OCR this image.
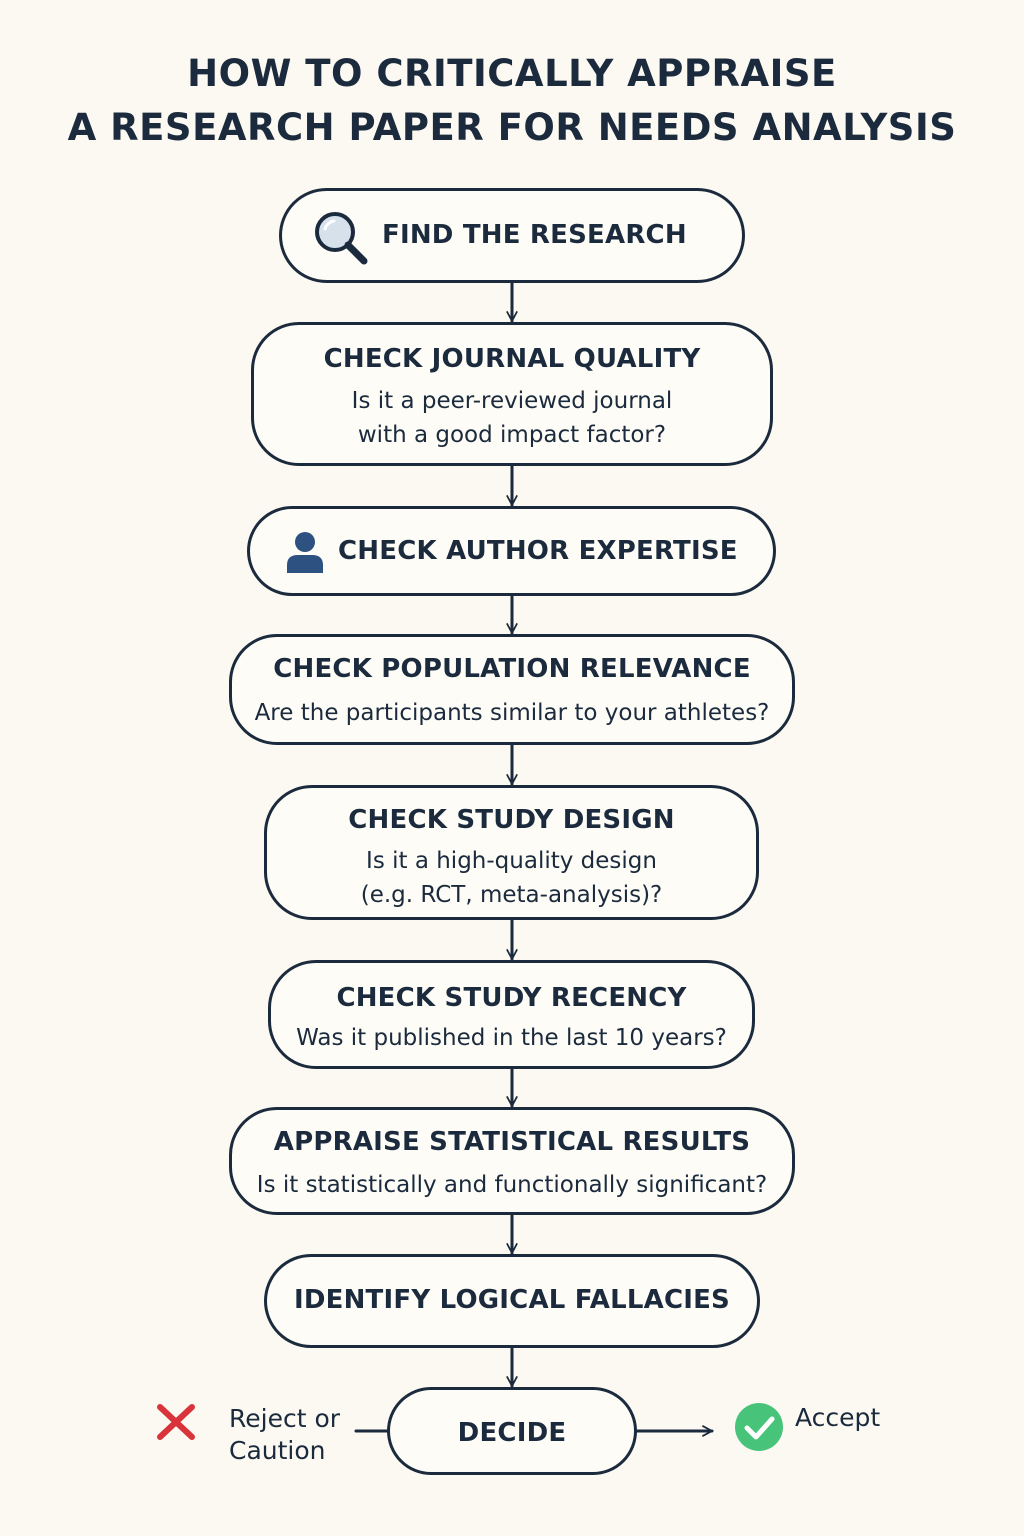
HOW TO CRITICALLY APPRAISE
A RESEARCH PAPER FOR NEEDS ANALYSIS
FIND THE RESEARCH
CHECK JOURNAL QUALITY
Is it a peer-reviewed journal
with a good impact factor?
CHECK AUTHOR EXPERTISE
CHECK POPULATION RELEVANCE
Are the participants similar to your athletes?
CHECK STUDY DESIGN
Is it a high-quality design
(e.g. RCT, meta-analysis)?
CHECK STUDY RECENCY
Was it published in the last 10 years?
APPRAISE STATISTICAL RESULTS
Is it statistically and functionally significant?
IDENTIFY LOGICAL FALLACIES
DECIDE
Reject or
Caution
Accept
